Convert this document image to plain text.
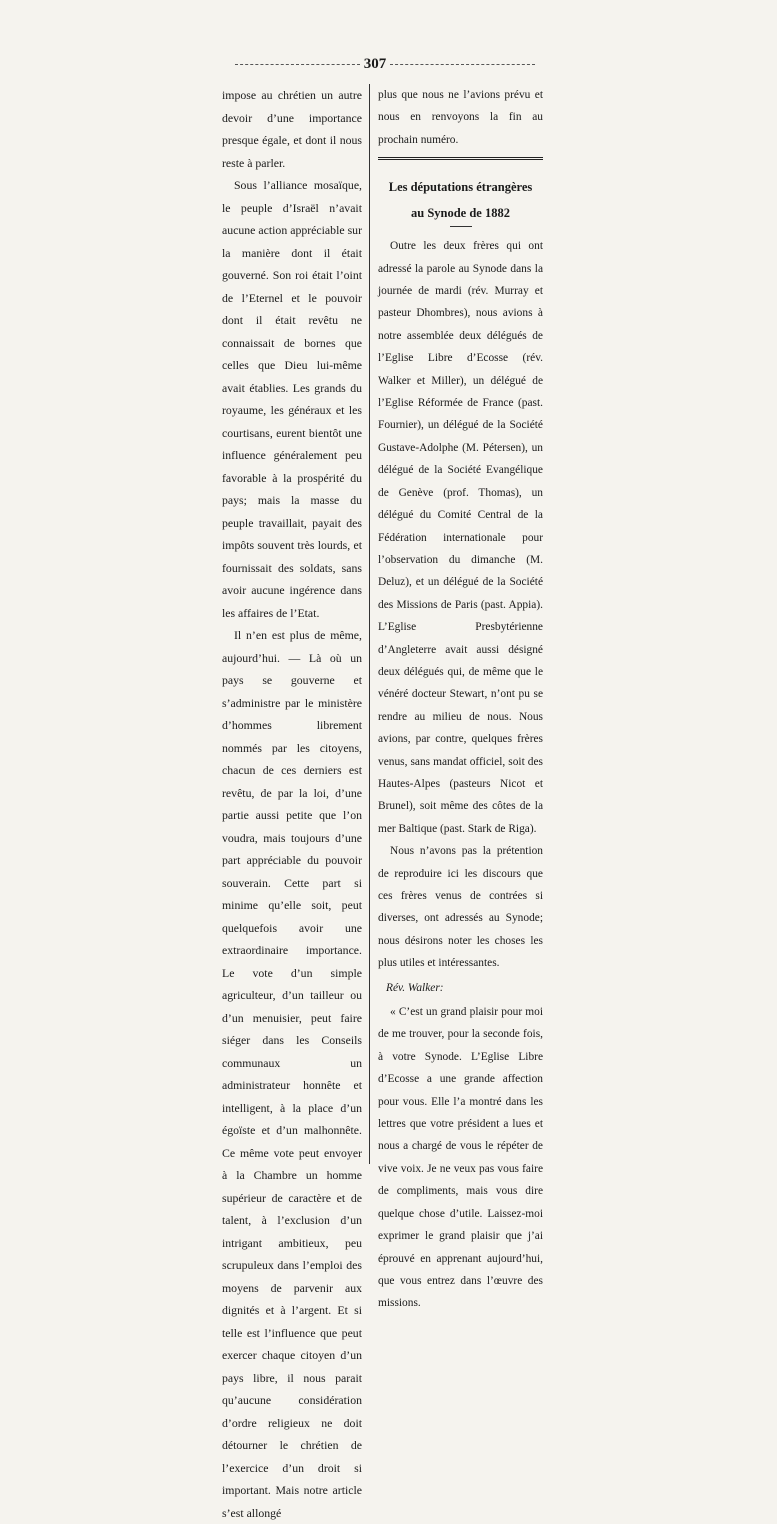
307

impose au chrétien un autre devoir d’une importance presque égale, et dont il nous reste à parler.

Sous l’alliance mosaïque, le peuple d’Israël n’avait aucune action appréciable sur la manière dont il était gouverné. Son roi était l’oint de l’Eternel et le pouvoir dont il était revêtu ne connaissait de bornes que celles que Dieu lui-même avait établies. Les grands du royaume, les généraux et les courtisans, eurent bientôt une influence généralement peu favorable à la prospérité du pays; mais la masse du peuple travaillait, payait des impôts souvent très lourds, et fournissait des soldats, sans avoir aucune ingérence dans les affaires de l’Etat.

Il n’en est plus de même, aujourd’hui. — Là où un pays se gouverne et s’administre par le ministère d’hommes librement nommés par les citoyens, chacun de ces derniers est revêtu, de par la loi, d’une partie aussi petite que l’on voudra, mais toujours d’une part appréciable du pouvoir souverain. Cette part si minime qu’elle soit, peut quelquefois avoir une extraordinaire importance. Le vote d’un simple agriculteur, d’un tailleur ou d’un menuisier, peut faire siéger dans les Conseils communaux un administrateur honnête et intelligent, à la place d’un égoïste et d’un malhonnête. Ce même vote peut envoyer à la Chambre un homme supérieur de caractère et de talent, à l’exclusion d’un intrigant ambitieux, peu scrupuleux dans l’emploi des moyens de parvenir aux dignités et à l’argent. Et si telle est l’influence que peut exercer chaque citoyen d’un pays libre, il nous parait qu’aucune considération d’ordre religieux ne doit détourner le chrétien de l’exercice d’un droit si important. Mais notre article s’est allongé

plus que nous ne l’avions prévu et nous en renvoyons la fin au prochain numéro.

Les députations étrangères

au Synode de 1882

Outre les deux frères qui ont adressé la parole au Synode dans la journée de mardi (rév. Murray et pasteur Dhombres), nous avions à notre assemblée deux délégués de l’Eglise Libre d’Ecosse (rév. Walker et Miller), un délégué de l’Eglise Réformée de France (past. Fournier), un délégué de la Société Gustave-Adolphe (M. Pétersen), un délégué de la Société Evangélique de Genève (prof. Thomas), un délégué du Comité Central de la Fédération internationale pour l’observation du dimanche (M. Deluz), et un délégué de la Société des Missions de Paris (past. Appia). L’Eglise Presbytérienne d’Angleterre avait aussi désigné deux délégués qui, de même que le vénéré docteur Stewart, n’ont pu se rendre au milieu de nous. Nous avions, par contre, quelques frères venus, sans mandat officiel, soit des Hautes-Alpes (pasteurs Nicot et Brunel), soit même des côtes de la mer Baltique (past. Stark de Riga).

Nous n’avons pas la prétention de reproduire ici les discours que ces frères venus de contrées si diverses, ont adressés au Synode; nous désirons noter les choses les plus utiles et intéressantes.

Rév. Walker:

« C’est un grand plaisir pour moi de me trouver, pour la seconde fois, à votre Synode. L’Eglise Libre d’Ecosse a une grande affection pour vous. Elle l’a montré dans les lettres que votre président a lues et nous a chargé de vous le répéter de vive voix. Je ne veux pas vous faire de compliments, mais vous dire quelque chose d’utile. Laissez-moi exprimer le grand plaisir que j’ai éprouvé en apprenant aujourd’hui, que vous entrez dans l’œuvre des missions.
